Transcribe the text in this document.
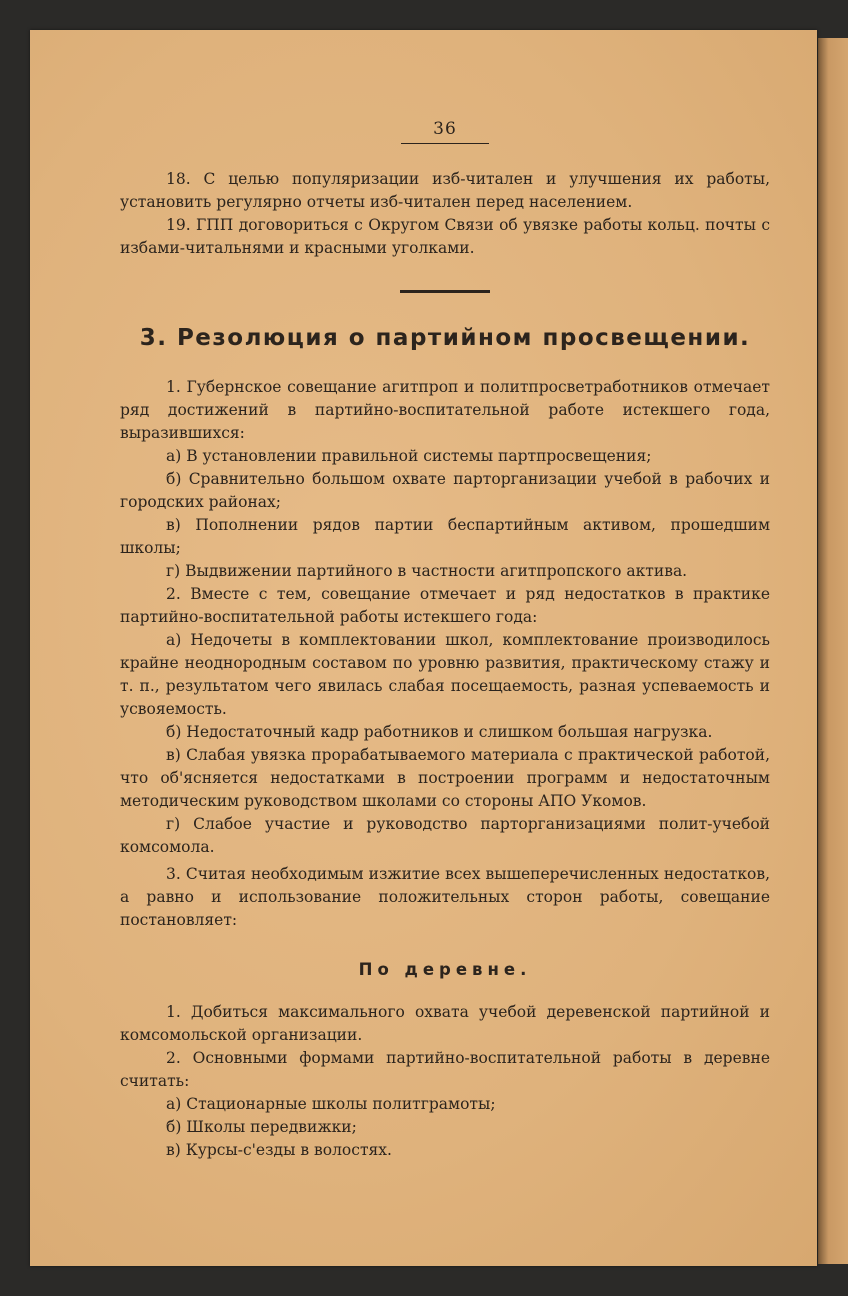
36

18. С целью популяризации изб-читален и улучшения их работы, установить регулярно отчеты изб-читален перед населением.

19. ГПП договориться с Округом Связи об увязке работы кольц. почты с избами-читальнями и красными уголками.

3. Резолюция о партийном просвещении.

1. Губернское совещание агитпроп и политпросветработников отмечает ряд достижений в партийно-воспитательной работе истекшего года, выразившихся:

а) В установлении правильной системы партпросвещения;

б) Сравнительно большом охвате парторганизации учебой в рабочих и городских районах;

в) Пополнении рядов партии беспартийным активом, прошедшим школы;

г) Выдвижении партийного в частности агитпропского актива.

2. Вместе с тем, совещание отмечает и ряд недостатков в практике партийно-воспитательной работы истекшего года:

а) Недочеты в комплектовании школ, комплектование производилось крайне неоднородным составом по уровню развития, практическому стажу и т. п., результатом чего явилась слабая посещаемость, разная успеваемость и усвояемость.

б) Недостаточный кадр работников и слишком большая нагрузка.

в) Слабая увязка прорабатываемого материала с практической работой, что об'ясняется недостатками в построении программ и недостаточным методическим руководством школами со стороны АПО Укомов.

г) Слабое участие и руководство парторганизациями полит-учебой комсомола.

3. Считая необходимым изжитие всех вышеперечисленных недостатков, а равно и использование положительных сторон работы, совещание постановляет:

По деревне.

1. Добиться максимального охвата учебой деревенской партийной и комсомольской организации.

2. Основными формами партийно-воспитательной работы в деревне считать:

а) Стационарные школы политграмоты;

б) Школы передвижки;

в) Курсы-с'езды в волостях.
